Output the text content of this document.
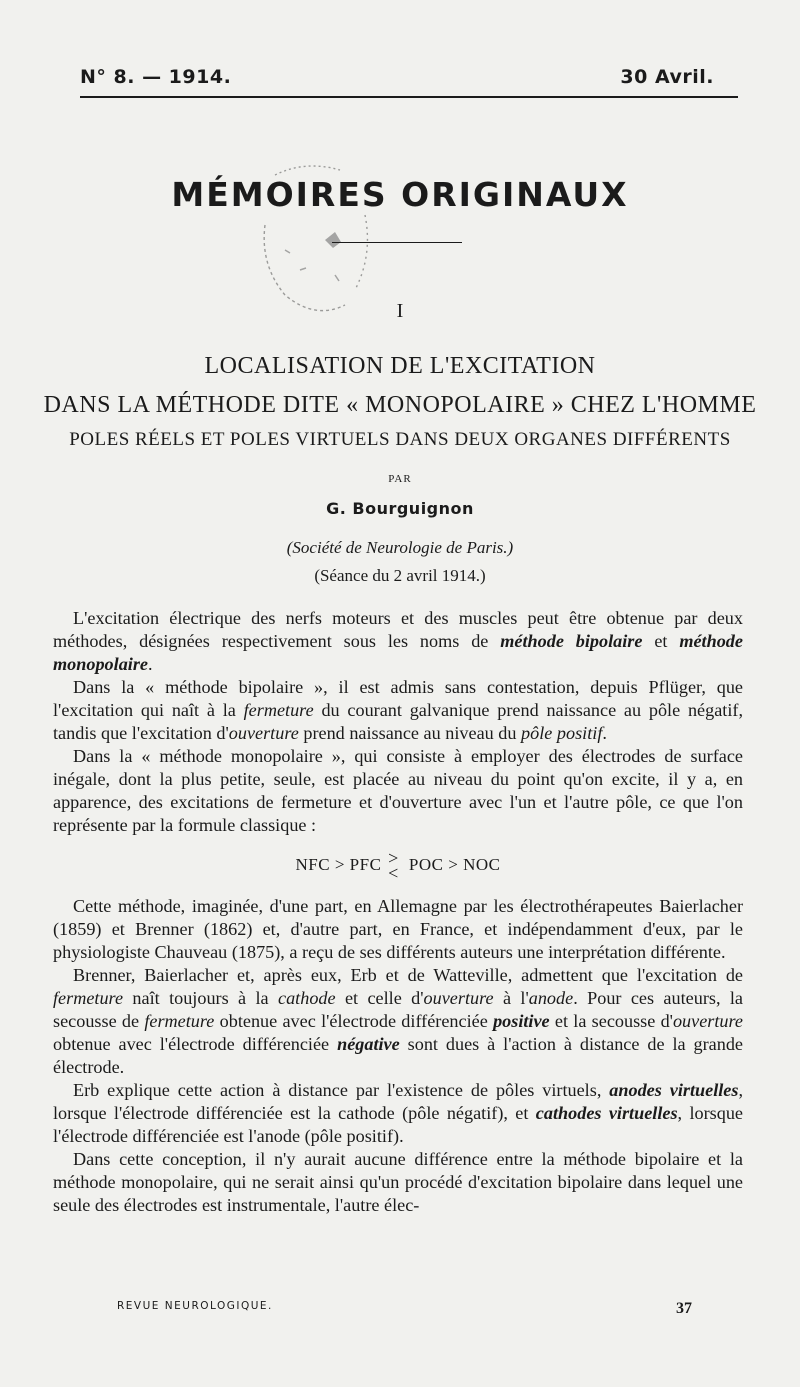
N° 8. — 1914.	30 Avril.
MÉMOIRES ORIGINAUX
I
LOCALISATION DE L'EXCITATION
DANS LA MÉTHODE DITE « MONOPOLAIRE » CHEZ L'HOMME
POLES RÉELS ET POLES VIRTUELS DANS DEUX ORGANES DIFFÉRENTS
PAR
G. Bourguignon
(Société de Neurologie de Paris.)
(Séance du 2 avril 1914.)

L'excitation électrique des nerfs moteurs et des muscles peut être obtenue par deux méthodes, désignées respectivement sous les noms de méthode bipolaire et méthode monopolaire.

Dans la « méthode bipolaire », il est admis sans contestation, depuis Pflüger, que l'excitation qui naît à la fermeture du courant galvanique prend naissance au pôle négatif, tandis que l'excitation d'ouverture prend naissance au niveau du pôle positif.

Dans la « méthode monopolaire », qui consiste à employer des électrodes de surface inégale, dont la plus petite, seule, est placée au niveau du point qu'on excite, il y a, en apparence, des excitations de fermeture et d'ouverture avec l'un et l'autre pôle, ce que l'on représente par la formule classique :

NFC > PFC >
< POC > NOC

Cette méthode, imaginée, d'une part, en Allemagne par les électrothérapeutes Baierlacher (1859) et Brenner (1862) et, d'autre part, en France, et indépendamment d'eux, par le physiologiste Chauveau (1875), a reçu de ses différents auteurs une interprétation différente.

Brenner, Baierlacher et, après eux, Erb et de Watteville, admettent que l'excitation de fermeture naît toujours à la cathode et celle d'ouverture à l'anode. Pour ces auteurs, la secousse de fermeture obtenue avec l'électrode différenciée positive et la secousse d'ouverture obtenue avec l'électrode différenciée négative sont dues à l'action à distance de la grande électrode.

Erb explique cette action à distance par l'existence de pôles virtuels, anodes virtuelles, lorsque l'électrode différenciée est la cathode (pôle négatif), et cathodes virtuelles, lorsque l'électrode différenciée est l'anode (pôle positif).

Dans cette conception, il n'y aurait aucune différence entre la méthode bipolaire et la méthode monopolaire, qui ne serait ainsi qu'un procédé d'excitation bipolaire dans lequel une seule des électrodes est instrumentale, l'autre élec-

REVUE NEUROLOGIQUE.	37
